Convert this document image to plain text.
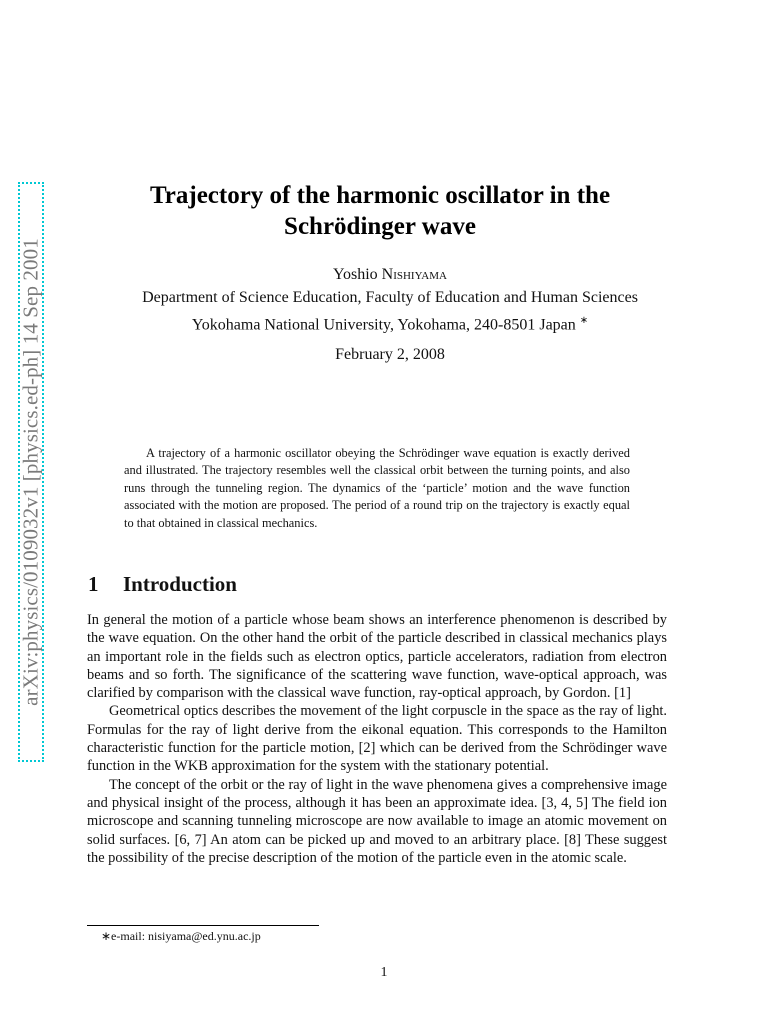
arXiv:physics/0109032v1 [physics.ed-ph] 14 Sep 2001
Trajectory of the harmonic oscillator in the
Schrödinger wave
Yoshio Nishiyama
Department of Science Education, Faculty of Education and Human Sciences
Yokohama National University, Yokohama, 240-8501 Japan ∗
February 2, 2008

A trajectory of a harmonic oscillator obeying the Schrödinger wave equation is exactly derived and illustrated. The trajectory resembles well the classical orbit between the turning points, and also runs through the tunneling region. The dynamics of the ‘particle’ motion and the wave function associated with the motion are proposed. The period of a round trip on the trajectory is exactly equal to that obtained in classical mechanics.

1 Introduction

In general the motion of a particle whose beam shows an interference phenomenon is described by the wave equation. On the other hand the orbit of the particle described in classical mechanics plays an important role in the fields such as electron optics, particle accelerators, radiation from electron beams and so forth. The significance of the scattering wave function, wave-optical approach, was clarified by comparison with the classical wave function, ray-optical approach, by Gordon. [1]

Geometrical optics describes the movement of the light corpuscle in the space as the ray of light. Formulas for the ray of light derive from the eikonal equation. This corresponds to the Hamilton characteristic function for the particle motion, [2] which can be derived from the Schrödinger wave function in the WKB approximation for the system with the stationary potential.

The concept of the orbit or the ray of light in the wave phenomena gives a comprehensive image and physical insight of the process, although it has been an approximate idea. [3, 4, 5] The field ion microscope and scanning tunneling microscope are now available to image an atomic movement on solid surfaces. [6, 7] An atom can be picked up and moved to an arbitrary place. [8] These suggest the possibility of the precise description of the motion of the particle even in the atomic scale.

∗e-mail: nisiyama@ed.ynu.ac.jp
1
